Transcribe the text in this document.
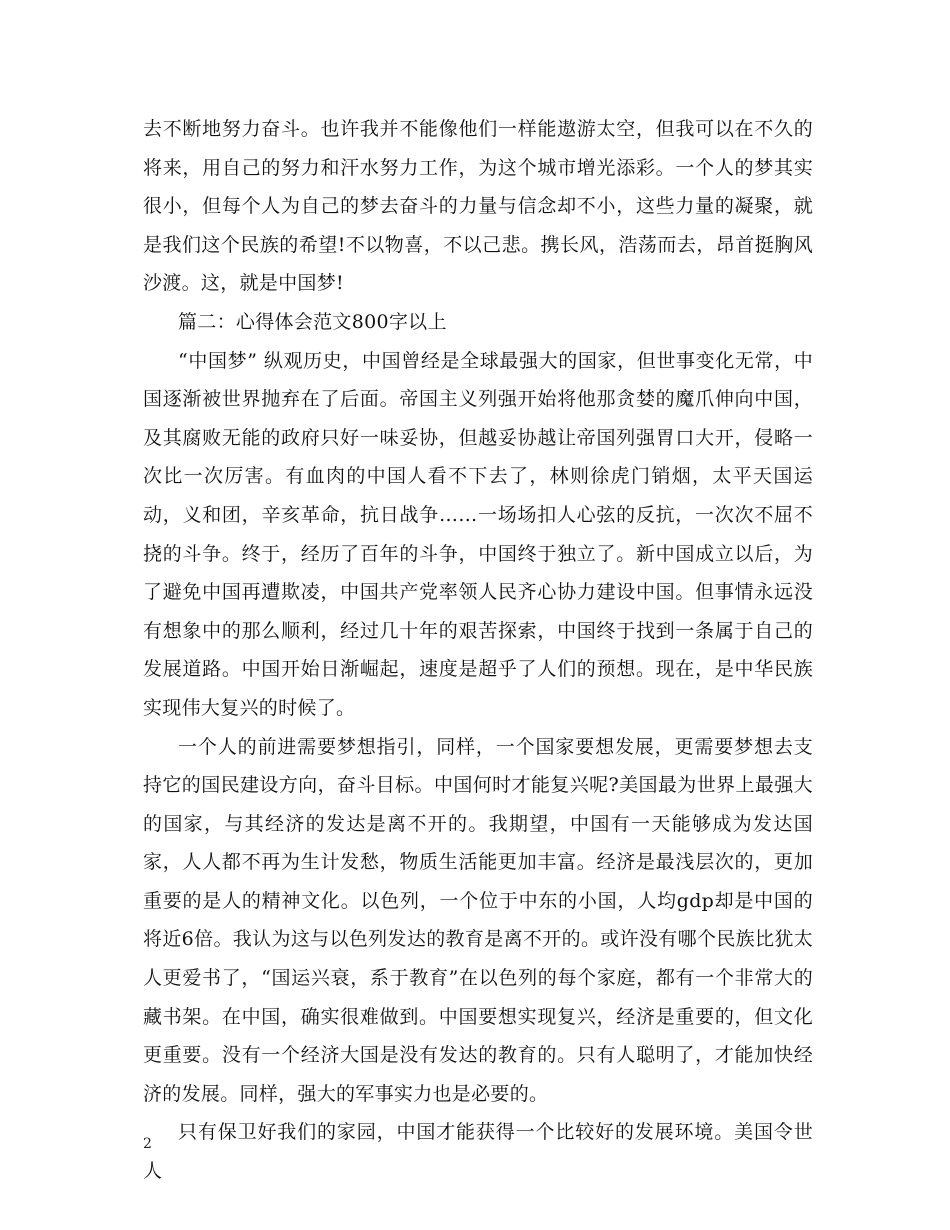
去不断地努力奋斗。也许我并不能像他们一样能遨游太空，但我可以在不久的将来，用自己的努力和汗水努力工作，为这个城市增光添彩。一个人的梦其实很小，但每个人为自己的梦去奋斗的力量与信念却不小，这些力量的凝聚，就是我们这个民族的希望!不以物喜，不以己悲。携长风，浩荡而去，昂首挺胸风沙渡。这，就是中国梦!

篇二：心得体会范文800字以上

“中国梦” 纵观历史，中国曾经是全球最强大的国家，但世事变化无常，中国逐渐被世界抛弃在了后面。帝国主义列强开始将他那贪婪的魔爪伸向中国，及其腐败无能的政府只好一味妥协，但越妥协越让帝国列强胃口大开，侵略一次比一次厉害。有血肉的中国人看不下去了，林则徐虎门销烟，太平天国运动，义和团，辛亥革命，抗日战争……一场场扣人心弦的反抗，一次次不屈不挠的斗争。终于，经历了百年的斗争，中国终于独立了。新中国成立以后，为了避免中国再遭欺凌，中国共产党率领人民齐心协力建设中国。但事情永远没有想象中的那么顺利，经过几十年的艰苦探索，中国终于找到一条属于自己的发展道路。中国开始日渐崛起，速度是超乎了人们的预想。现在，是中华民族实现伟大复兴的时候了。

一个人的前进需要梦想指引，同样，一个国家要想发展，更需要梦想去支持它的国民建设方向，奋斗目标。中国何时才能复兴呢?美国最为世界上最强大的国家，与其经济的发达是离不开的。我期望，中国有一天能够成为发达国家，人人都不再为生计发愁，物质生活能更加丰富。经济是最浅层次的，更加重要的是人的精神文化。以色列，一个位于中东的小国，人均gdp却是中国的将近6倍。我认为这与以色列发达的教育是离不开的。或许没有哪个民族比犹太人更爱书了，“国运兴衰，系于教育”在以色列的每个家庭，都有一个非常大的藏书架。在中国，确实很难做到。中国要想实现复兴，经济是重要的，但文化更重要。没有一个经济大国是没有发达的教育的。只有人聪明了，才能加快经济的发展。同样，强大的军事实力也是必要的。

只有保卫好我们的家园，中国才能获得一个比较好的发展环境。美国令世人

2
